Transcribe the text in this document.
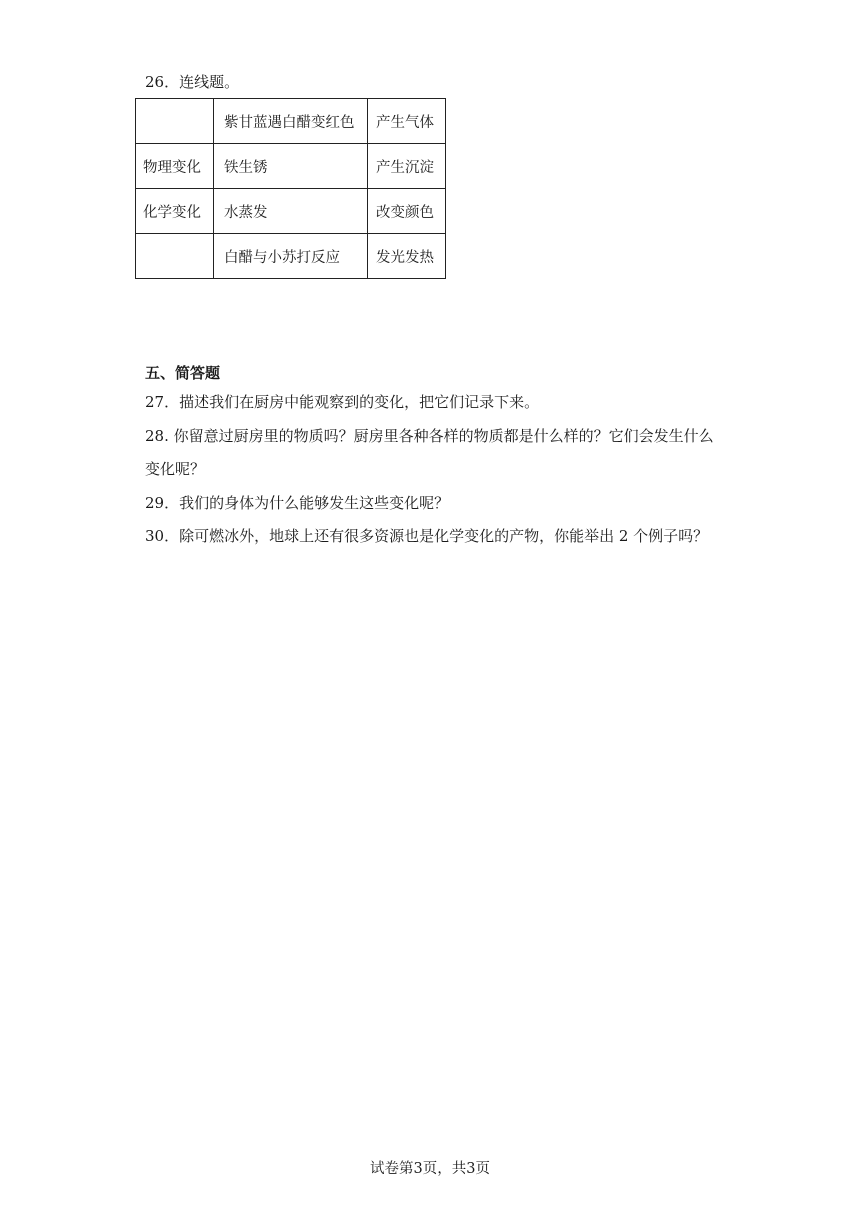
26．连线题。
	紫甘蓝遇白醋变红色	产生气体
物理变化	铁生锈	产生沉淀
化学变化	水蒸发	改变颜色
	白醋与小苏打反应	发光发热
五、简答题
27．描述我们在厨房中能观察到的变化，把它们记录下来。
28. 你留意过厨房里的物质吗？厨房里各种各样的物质都是什么样的？它们会发生什么
变化呢？
29．我们的身体为什么能够发生这些变化呢？
30．除可燃冰外，地球上还有很多资源也是化学变化的产物，你能举出 2 个例子吗？
试卷第3页，共3页
